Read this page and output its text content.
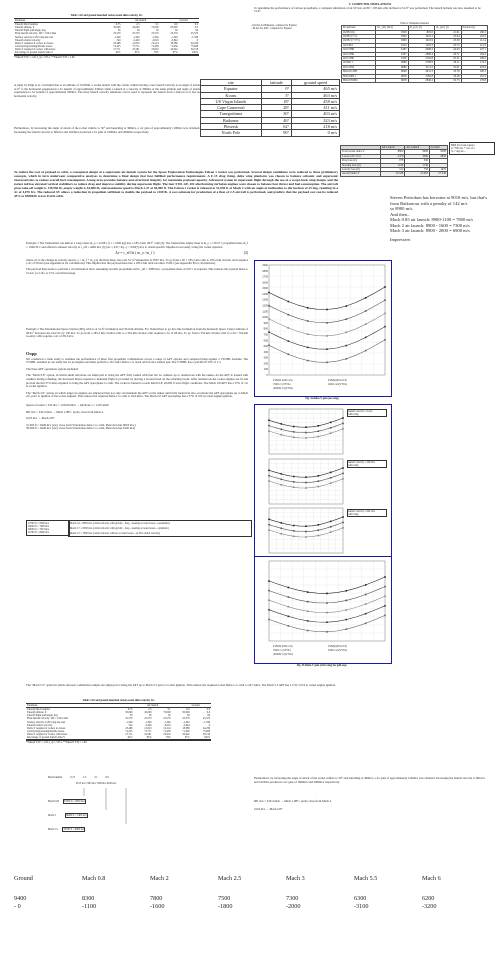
Table 1 Air and ground launched rocket ascent delta-velocity, ft/s
Parameter	Air launch				Ground
Takeoff Mach number	0.75	2.5	3.1	6.0	0.0
Takeoff altitude, ft	30,000	45,000	73,000	85,000	0.0
Takeoff flight path angle, deg	30	30	30	30	90
Final inertial velocity, 100 × 100 n mile	25,570	25,570	25,570	25,570	25,570
Surface velocity at 28.5 deg due east	-1,340	-1,340	-1,340	-1,340	-1,340
Takeoff relative velocity	-744	-2,420	-3,016	-5,844	0
Delta-V required of rocket, no losses	23,486	21,810	21,214	18,386	24,230
Gravity/drag/steering/throttle losses	+4,225	+3,771	+2,438	+1,656	+5,928
Delta-V required of rocket, with losses	27,711	25,581	23,652	20,042	30,158
Percentage of ground launch delta-V	92%	85%	78%	67%	100%
*Takeoff T/W = 1.20, I_sp = 525 s. **Takeoff T/W = 1.60.
V. COMPUTER SIMULATIONS
To determine the performance of various propellants, a computer simulation of an SV into an 80 × 185 km orbit inclined at 51.6° was performed. The launch latitude was also assumed to be 51.6°.
-142 m/s for Baikonur, compared to Equator
- 36 m/s for KSC, compared to Equator
Table 4: Simulation Results
Propellants	Δv_{id} (m/s)	m_{p1} (t)	m_{p2} (t)	Payload (t)
O2/H2 (6)	9330	895.0	21.91	160.5
O2/H2 (7.5)	9302	1022.1	23.04	118.5
O2/H2 (7.5+5)	9390	1022.9	23.59	112.4
O2/CH4	9124	1203.3	23.73	113.5
O2/C3H8	9187	2008.2	24.03	107.1
O2/C2H6	9107	2680.4	26.71	104.2
O2/C3H6	9156	2104.8	25.31	108.5
O2/RP-1	9089	2708.9	26.11	174.3
O2/C2H4	9080	2111.5	22.01	203.6
H2O2/C2H5	9069	2631.3	18.78	100.5
H2O2/RP-1	9056	3182.8	18.28	110.5
H2O2/N2H4	9038	2840.2	19.73	178.8
A study by Klijn et al. concluded that at an altitude of 13,056m, a rocket launch with the carrier vehicle having a zero launch velocity at an angle of attack of 0° to the horizontal experienced a Δv benefit of approximately 434m/s while a launch at a velocity of 360m/s at the same altitude and angle of attack experienced a Δv benefit of approximately 900m/s. The most launch velocity situations can be used to represent the launch from a balloon so it has no horizontal velocity.
Furthermore, by increasing the angle of attack of the rocket vehicle to 30° and launching at 360m/s, a Δv gain of approximately 1100m/s was obtained. Increasing the launch velocity to 661m/s and 1023m/s produced a Δv gain of 1600m/s and 2000m/s respectively.
site	latitude	ground speed
Equator	0°	465 m/s
Kouru	5°	463 m/s
US Virgin Islands	18°	458 m/s
Cape Canaveral	28°	411 m/s
Tanegashima	30°	403 m/s
Baikonur	46°	323 m/s
Plesetsk	62°	218 m/s
North Pole	90°	0 m/s
	Air Launch	Air Launch	Ground
Total ascent delta-V	8800	9900	9300
Losses (ΔV, ft/s)	2470	3080	2850
Drag loss (ft)	978	590	
Steering loss (ft)	1180	1740	
Gravity loss (ft)	312	750	1670
Ascent Delta-V	23,548	21,963	27,340
8800 m/s from equator
at 7700 m/s + cost of a
51.7 deg inc...
Steven Pietrobon has kerosine at 9018 m/s, but that's from Baikonour with a penalty of 142 m/s
so 8900 m/s.
And then...
Mach 0.85 air launch: 8900-1100 = 7800 m/s
Mach 2 air launch: 8900 - 1600 = 7300 m/s
Mach 3 air launch: 8900 - 2000 = 6900 m/s
Impressive.
To reduce the cost of payload to orbit, a conceptual design of a supersonic air-launch system for the Space Exploration Technologies Falcon 1 rocket was performed. Several design candidates were reduced to three preliminary concepts, which in turn underwent comparative analyses to determine a final design that best fulfilled performance requirements. A F-15 drag rising, delta wing planform was chosen to balance subsonic and supersonic characteristics to reduce overall fuel consumption. A long area provides balance and structural integrity for maximum payload capacity. Advanced system in supersonic flight through the use of a swept-back wing design, and the rocket tail has elevated vertical stabilizers to reduce drag and improve stability during supersonic flight. The four F101-GE-102 afterburning turbofan engines were chosen to balance best thrust and fuel consumption. The aircraft gross take-off weight is 139,950 lb, empty weight is 54,800 lb, and maximum speed is Mach 2.47 at 50,000 ft. The Falcon 1 rocket is released at 51,000 ft at Mach 2 with an angle of inclination to the horizon of 25 deg, resulting in a Δv of 4,070 ft/s. The reduced ΔV allows a reduction in propellant sufficient to double the payload to 2100 lb. A cost estimate for production of a fleet of 2-5 aircraft is performed, and predicts that the payload cost can be reduced 45% to $5800/lb to low Earth orbit.
Example 1 The VentureStar can deliver a cargo mass m_p = 22.68 t (1 t = 1000 kg) into a 185.2 km, 28.5° orbit [3]. The VentureStar empty mass is m_e = 116.57 t; propellant mass m_f = 1049.30 t; and effective exhaust velocity is c_eff = 4462 m/s [3] (Δv = 9.8 × ln(...) ~ 9.00(?) m/s to obtain specific impulse in seconds). Using the rocket equation
Δv = c_eff ln ( m_o / m_f )	(2)
where Δv is the change in velocity and m_o = m_f + m_p is the final mass, the total Δv of VentureStar is 9567 m/s. To go from a 20 × 185.2 km orbit to 185.2 km circular orbit requires a Δv of 58 m/s (see Appendix A for calculations). This implies that the payload mass into a 185.2 km orbit becomes 15.60 t (see Appendix B for calculations).
The payload then needs to perform a circularization burn. Assuming storable propellants with c_eff = 3089 m/s, a propellant mass of 0.67 t is required. This reduces the payload mass to 21.44 t (a 2.16 t or 15% overall increase).
Example 2 The International Space Station (ISS) orbit is at 51.6° inclination and 354 km altitude. For VentureStar to go into this inclination from the Kennedy Space Center latitude of 28.61° increases the total Δv by 130 m/s. To go from a 185.2 km circular orbit to a 354 km circular orbit requires a Δv of 96 m/s. To go from a 354 km circular orbit to a 20 × 354 km re-entry orbit requires a Δv of 38.3 m/s.
Oopp
We conducted a trade study to examine the performance of three first propellant combinations across a range of APT options and compared them against a VTOHL baseline. The VTOHL assumed as our study has no jet engines and must perform a 10.1 km/s Delta-v to reach orbit from a launch pad. The VTOHL has a pad liftoff T/W of 1.5.
The three APT operations options included:
The "Mach 0.8" option, in which small turbofans are employed to bring the APT fully loaded with fuel but no oxidizer up to rendezvous with the tanker. As the APT is loaded with oxidizer during refueling, the increased thrust required to maintain flight is provided by placing a boosted lead on the refueling boom. After rendezvous the rocket engines are lit and provide the full 37.0 km/s required to bring the APT spaceplane to orbit. The rocket is burned to reach Mach 0.8, 20,000 ft level flight conditions. The Mach 0.8 APT has a T/W of 1.0 at rocket ignition.
The "Mach 2.0" option, in which larger jet engines are employed that not only can maintain the APT on the tanker until fully fueled but also accelerate the APT spaceplane up to Mach 2.0, prior to ignition of the rocket engines. This reduces the required Delta-v to orbit to 24.0 km/s. The Mach 2.0 APT spaceplane has a T/W of 0.8 at rocket engine ignition.
Speed of sound = 343 m/s × 1234.8 km/h → km/hour-1 = 1225 km/h
681 m/s × 2451 km/h → Mach 1.985 : pretty close from Mach 2.
1023 m/s → Mach 2.87
31 000 ft ≈ 9449 m/s (very close from Stratobalse delta-v to orbit, Pietrobon has 9018 m/s )
39 000 ft ≈ 9449 m/s (very close from Stratobalse delta-v to orbit, Pietrobon has 9120 m/s)
27000 ft ≈ 8500 m/s
26000 ft ≈ 7400 m/s
26000 ft ≈ 7023 m/s
20700 ft ≈ 6900 m/s
Mach 2.6 = 8683 m/s (orbital velocity with gravity - drag - steering account losses - pessimistic)
Mach 2.7 = 8300 m/s (orbital velocity with gravity - drag - steering account losses - optimistic)
Mach 2.5 = 7800 m/s (orbital velocity with no account losses - air ISS orbital velocity)
1900
1800
1700
1600
1500
1400
1300
1200
1100
1000
900
800
700
600
500
400
300
200
100
0
F15(60 k/20 m/s)	F15(E)(36 k/1.6)
7020 m (VTOL)	1940 m/s(VTOL)
(20000 m)(VTOL)
Fig. 3a Delta-V gain (no wing)
launch velocity = 0 m/s
with wing
launch velocity = 200 m/s
with wing
launch velocity = 661 m/s
with wing
F15(60 k/20 m/s)	F15(E)(36 k/1.6)
7020 m (VTOL)	1940 m/s(VTOL)
(20000 m)(VTOL)
Fig. 3b Delta-V gain (with wing) for gull orgs.
The "Mach 5.5" option in which subsonic combustion ramjets are employed to bring the APT up to Mach 5.5 prior to rocket ignition. This reduces the required rocket Delta-v to orbit to 20.7 km/s. The Mach 5.5 APT has a T/W of 0.6 at rocket engine ignition.
Table 1 Air and ground launched rocket ascent delta-velocity, ft/s
Parameter	Air launch				Ground
Takeoff Mach number	0.75	2.5	3.1	6.0	0.0
Takeoff altitude, ft	30,000	45,000	73,000	85,000	0.0
Takeoff flight path angle, deg	30	30	30	30	90
Final inertial velocity, 100 × 100 n mile	25,570	25,570	25,570	25,570	25,570
Surface velocity at 28.5 deg due east	-1,340	-1,340	-1,340	-1,340	-1,340
Takeoff relative velocity	-744	-2,420	-3,016	-5,844	0
Delta-V required of rocket, no losses	23,486	21,810	21,214	18,386	24,230
Gravity/drag/steering/throttle losses	+4,225	+3,771	+2,438	+1,656	+5,928
Delta-V required of rocket, with losses	27,711	25,581	23,652	20,042	30,158
Percentage of ground launch delta-V	92%	85%	78%	67%	100%
*Takeoff T/W = 1.20, I_sp = 525 s. **Takeoff T/W = 1.60.
Furthermore, by increasing the angle of attack of the rocket vehicle to 30° and launching at 360m/s, a Δv gain of approximately 1100m/s was obtained. Increasing the launch velocity to 661m/s and 1023m/s produced a Δv gain of 1600m/s and 2000m/s respectively.
681 m/s × 2451 km/h → Mach 1.985 : pretty close from Mach 2.
1023 m/s → Mach 2.87
Mach number	0.75	2.5	3.1	6.0
8515 m/s 7403 m/s 7208 m/s 6100 m/s
Mach 0.85 27000 ft ≈ 8500 m/s
Mach 2	26000 ft ≈ 7403 m/s
Mach 5.5 20700 ft ≈ 6900 m/s
Ground	Mach 0.8	Mach 2	Mach 2.5	Mach 3	Mach 5.5	Mach 6
9400	8300	7800	7500	7300	6300	6200
- 0	-1100	-1600	-1800	-2000	-3100	-3200
